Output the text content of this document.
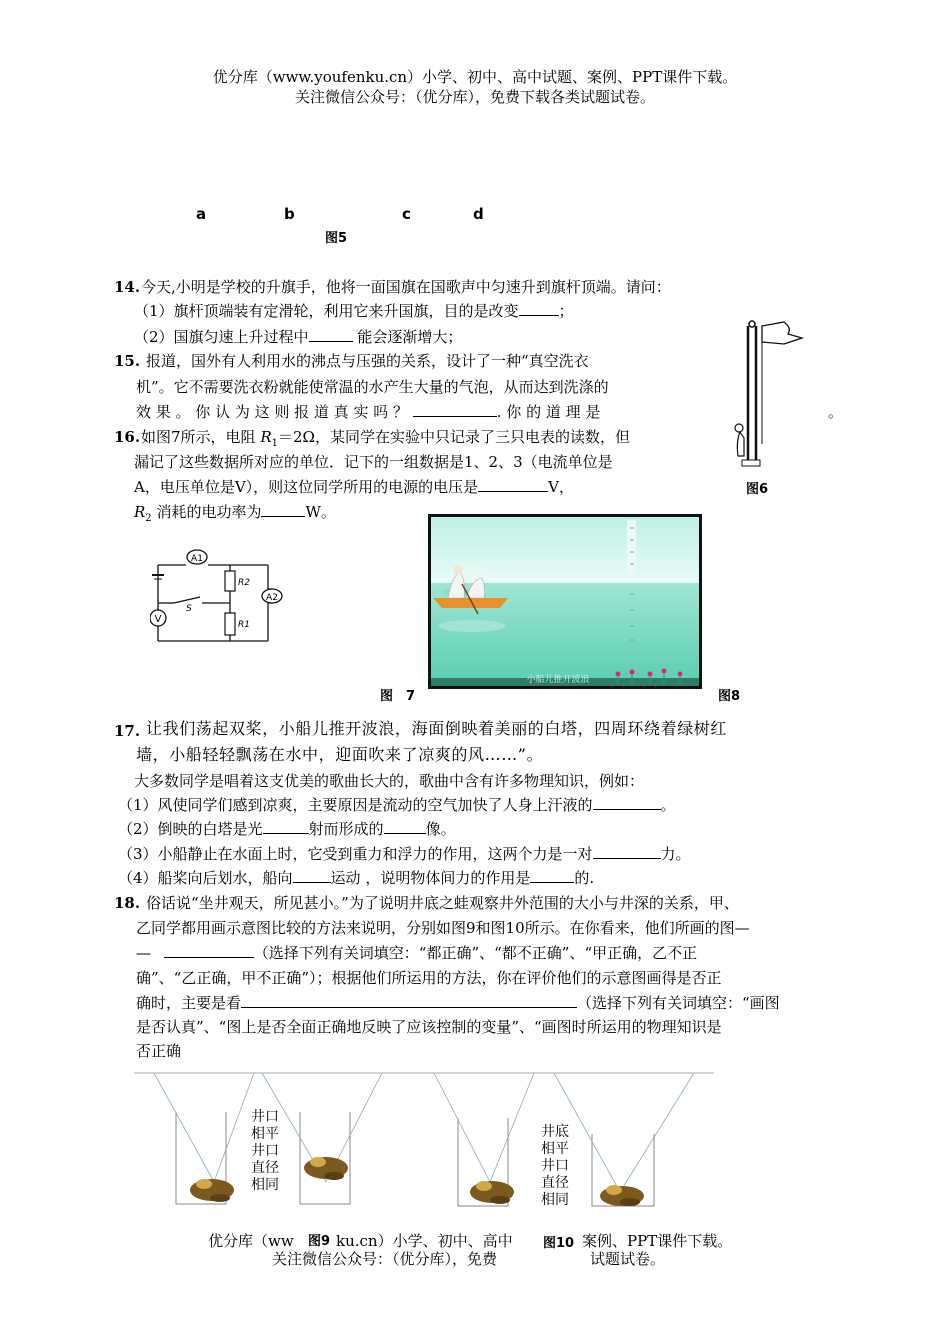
优分库（www.youfenku.cn）小学、初中、高中试题、案例、PPT课件下载。
关注微信公众号：（优分库），免费下载各类试题试卷。
a	b	c	d
图5
14. 今天,小明是学校的升旗手，他将一面国旗在国歌声中匀速升到旗杆顶端。请问：
（1）旗杆顶端装有定滑轮，利用它来升国旗，目的是改变	；
（2）国旗匀速上升过程中	能会逐渐增大；
15. 报道，国外有人利用水的沸点与压强的关系，设计了一种“真空洗衣
机”。它不需要洗衣粉就能使常温的水产生大量的气泡，从而达到洗涤的
效 果 。 你 认 为 这 则 报 道 真 实 吗 ？	. 你 的 道 理 是	。
图6
16. 如图7所示，电阻 $R_1=2\Omega$，某同学在实验中只记录了三只电表的读数，但
漏记了这些数据所对应的单位．记下的一组数据是1、2、3（电流单位是
A，电压单位是V），则这位同学所用的电源的电压是	V，
$R_2$ 消耗的电功率为	W。
A1
R2
R1
A2
V
S
小船儿推开波浪
图　7	图8
17. 让我们荡起双桨，小船儿推开波浪，海面倒映着美丽的白塔，四周环绕着绿树红
墙，小船轻轻飘荡在水中，迎面吹来了凉爽的风……”。
大多数同学是唱着这支优美的歌曲长大的，歌曲中含有许多物理知识，例如：
（1）风使同学们感到凉爽，主要原因是流动的空气加快了人身上汗液的	。
（2）倒映的白塔是光	射而形成的	像。
（3）小船静止在水面上时，它受到重力和浮力的作用，这两个力是一对	力。
（4）船桨向后划水，船向	运动 ，说明物体间力的作用是	的.
18. 俗话说“坐井观天，所见甚小。”为了说明井底之蛙观察井外范围的大小与井深的关系，甲、
乙同学都用画示意图比较的方法来说明，分别如图9和图10所示。在你看来，他们所画的图—
—	（选择下列有关词填空：“都正确”、“都不正确”、“甲正确，乙不正
确”、“乙正确，甲不正确”）；根据他们所运用的方法，你在评价他们的示意图画得是否正
确时，主要是看	（选择下列有关词填空：“画图
是否认真”、“图上是否全面正确地反映了应该控制的变量”、“画图时所运用的物理知识是
否正确
井口
相平
井口
直径
相同
井底
相平
井口
直径
相同
优分库（ww 图9 ku.cn）小学、初中、高中 图10 案例、PPT课件下载。
关注微信公众号：（优分库），免费	试题试卷。
